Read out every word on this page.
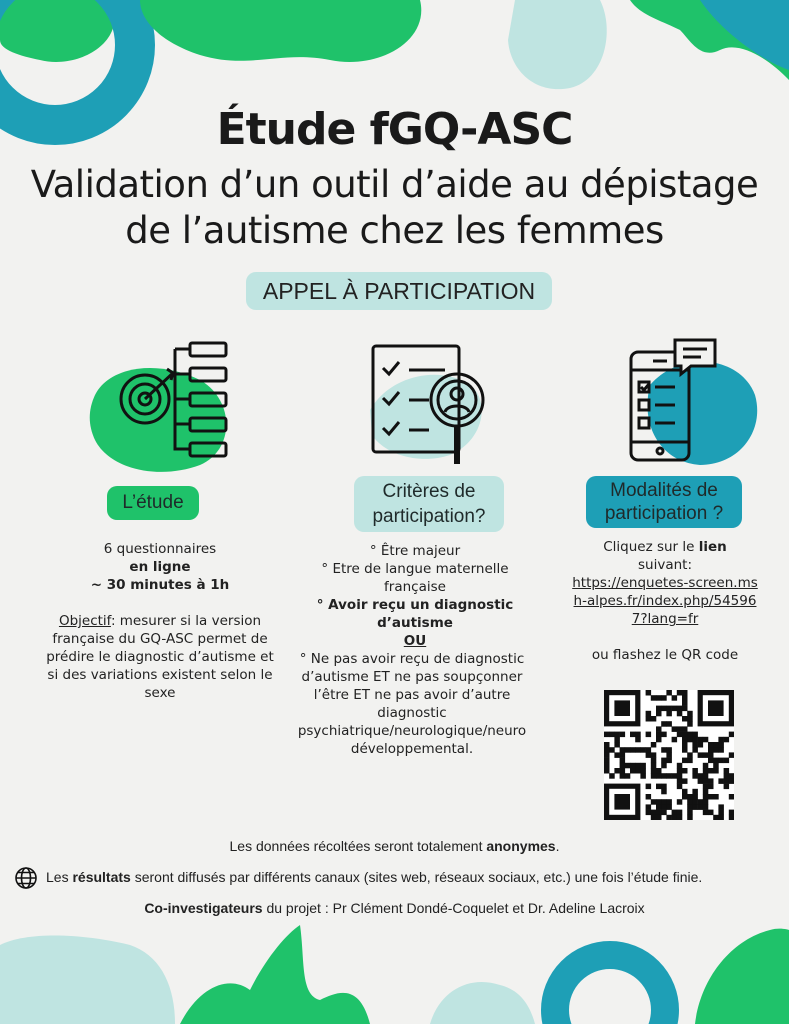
Étude fGQ-ASC
Validation d’un outil d’aide au dépistage
de l’autisme chez les femmes
APPEL À PARTICIPATION
L’étude
Critères de
participation?
Modalités de
participation ?
6 questionnaires
en ligne
~ 30 minutes à 1h
Objectif: mesurer si la version française du GQ-ASC permet de prédire le diagnostic d’autisme et si des variations existent selon le sexe
° Être majeur
° Etre de langue maternelle française
° Avoir reçu un diagnostic d’autisme
OU
° Ne pas avoir reçu de diagnostic d’autisme ET ne pas soupçonner l’être ET ne pas avoir d’autre diagnostic psychiatrique/neurologique/neuro développemental.
Cliquez sur le lien suivant:
https://enquetes-screen.msh-alpes.fr/index.php/545967?lang=fr
ou flashez le QR code
Les données récoltées seront totalement anonymes.
Les résultats seront diffusés par différents canaux (sites web, réseaux sociaux, etc.) une fois l’étude finie.
Co-investigateurs du projet : Pr Clément Dondé-Coquelet et Dr. Adeline Lacroix
